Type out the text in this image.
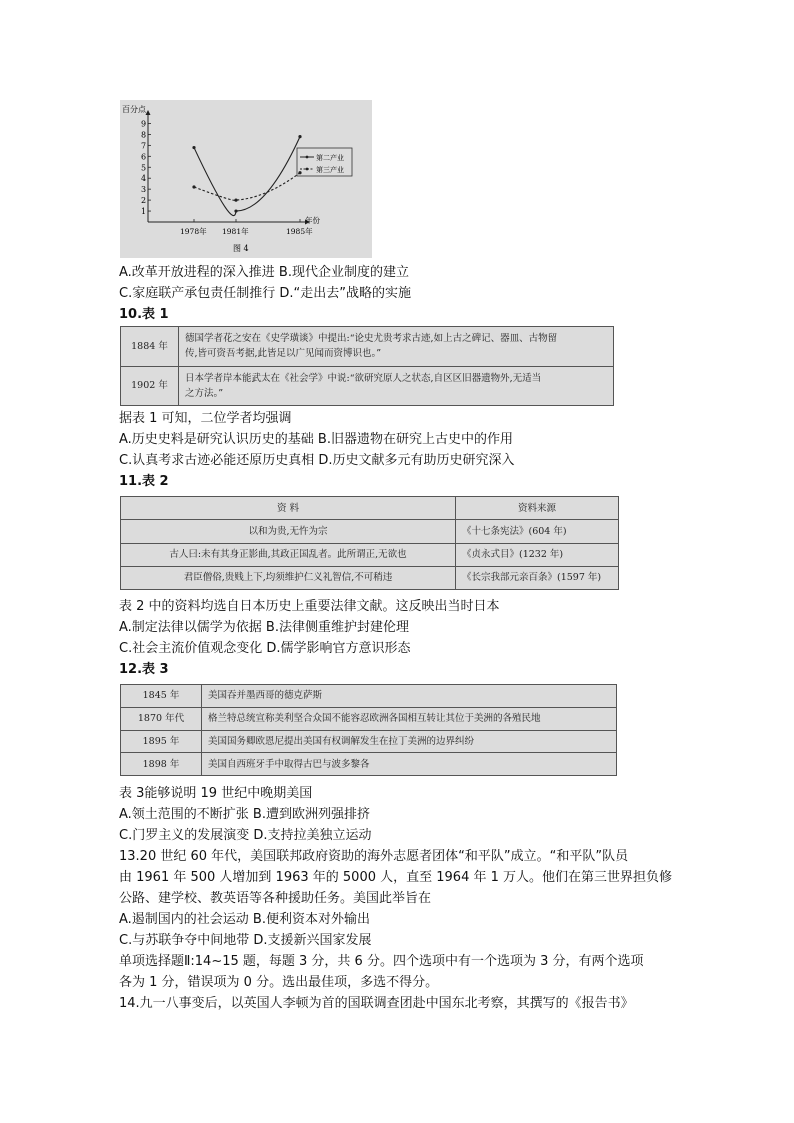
1
2
3
4
5
6
7
8
9
1978年 1981年	1985年
第二产业
第三产业
百分点
年份
图 4
A.改革开放进程的深入推进 B.现代企业制度的建立
C.家庭联产承包责任制推行 D.“走出去”战略的实施
10.表 1
1884 年	德国学者花之安在《史学璜谈》中提出:“论史尤贵考求古迹,如上古之碑记、器皿、古物留
传,皆可资吾考据,此皆足以广见闻而资博识也。”

1902 年	日本学者岸本能武太在《社会学》中说:“欲研究原人之状态,自区区旧器遗物外,无适当
之方法。”
据表 1 可知，二位学者均强调
A.历史史料是研究认识历史的基础 B.旧器遗物在研究上古史中的作用
C.认真考求古迹必能还原历史真相 D.历史文献多元有助历史研究深入
11.表 2
资 料	资料来源
以和为贵,无忤为宗	《十七条宪法》(604 年)
古人曰:未有其身正影曲,其政正国乱者。此所谓正,无欲也	《贞永式目》(1232 年)
君臣僧俗,贵贱上下,均须维护仁义礼智信,不可稍违	《长宗我部元亲百条》(1597 年)
表 2 中的资料均选自日本历史上重要法律文献。这反映出当时日本
A.制定法律以儒学为依据 B.法律侧重维护封建伦理
C.社会主流价值观念变化 D.儒学影响官方意识形态
12.表 3
1845 年	美国吞并墨西哥的德克萨斯
1870 年代	格兰特总统宣称美利坚合众国不能容忍欧洲各国相互转让其位于美洲的各殖民地
1895 年	美国国务卿欧恩尼提出美国有权调解发生在拉丁美洲的边界纠纷
1898 年	美国自西班牙手中取得古巴与波多黎各
表 3能够说明 19 世纪中晚期美国
A.领土范围的不断扩张 B.遭到欧洲列强排挤
C.门罗主义的发展演变 D.支持拉美独立运动
13.20 世纪 60 年代，美国联邦政府资助的海外志愿者团体“和平队”成立。“和平队”队员
由 1961 年 500 人增加到 1963 年的 5000 人，直至 1964 年 1 万人。他们在第三世界担负修
公路、建学校、教英语等各种援助任务。美国此举旨在
A.遏制国内的社会运动 B.便利资本对外输出
C.与苏联争夺中间地带 D.支援新兴国家发展
单项选择题Ⅱ:14~15 题，每题 3 分，共 6 分。四个选项中有一个选项为 3 分，有两个选项
各为 1 分，错误项为 0 分。选出最佳项，多选不得分。
14.九一八事变后，以英国人李顿为首的国联调查团赴中国东北考察，其撰写的《报告书》
